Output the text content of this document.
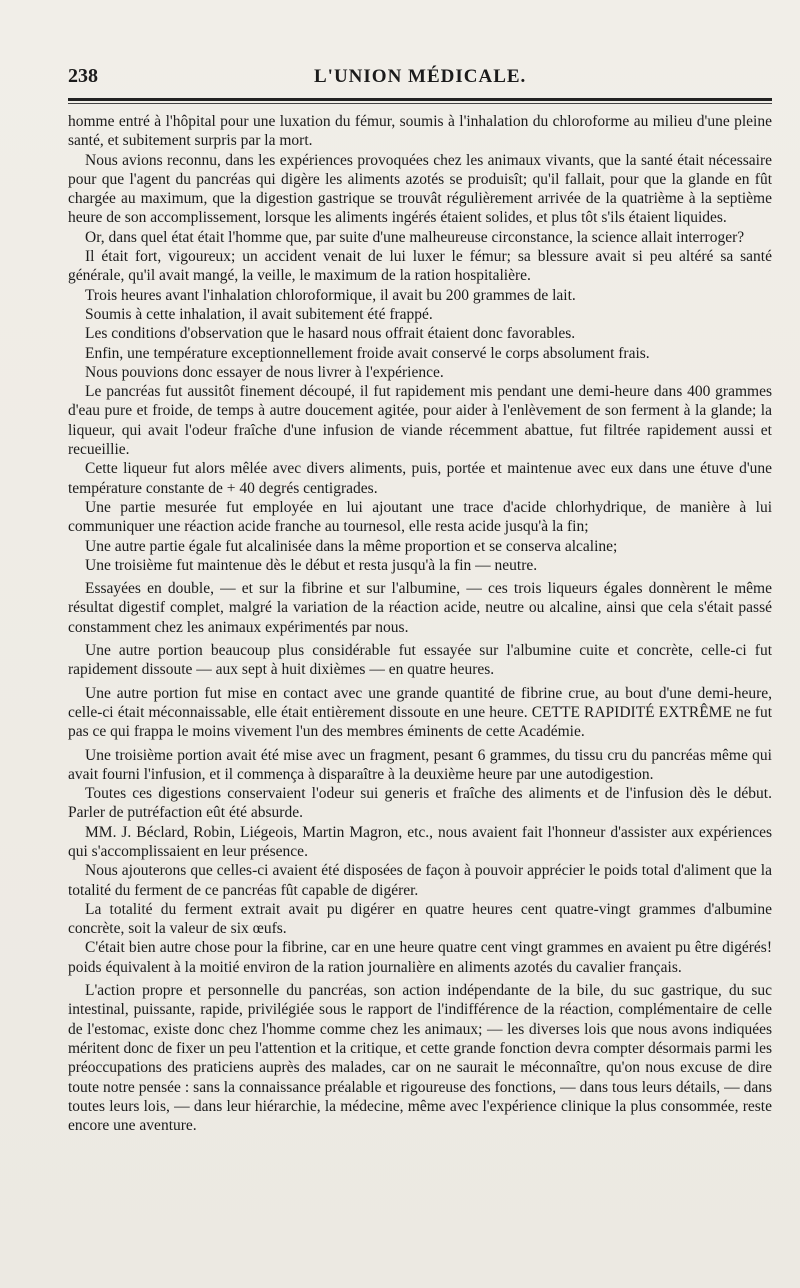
238	L'UNION MÉDICALE.

homme entré à l'hôpital pour une luxation du fémur, soumis à l'inhalation du chloroforme au milieu d'une pleine santé, et subitement surpris par la mort.

Nous avions reconnu, dans les expériences provoquées chez les animaux vivants, que la santé était nécessaire pour que l'agent du pancréas qui digère les aliments azotés se produisît; qu'il fallait, pour que la glande en fût chargée au maximum, que la digestion gastrique se trouvât régulièrement arrivée de la quatrième à la septième heure de son accomplissement, lorsque les aliments ingérés étaient solides, et plus tôt s'ils étaient liquides.

Or, dans quel état était l'homme que, par suite d'une malheureuse circonstance, la science allait interroger?

Il était fort, vigoureux; un accident venait de lui luxer le fémur; sa blessure avait si peu altéré sa santé générale, qu'il avait mangé, la veille, le maximum de la ration hospitalière.

Trois heures avant l'inhalation chloroformique, il avait bu 200 grammes de lait.

Soumis à cette inhalation, il avait subitement été frappé.

Les conditions d'observation que le hasard nous offrait étaient donc favorables.

Enfin, une température exceptionnellement froide avait conservé le corps absolument frais.

Nous pouvions donc essayer de nous livrer à l'expérience.

Le pancréas fut aussitôt finement découpé, il fut rapidement mis pendant une demi-heure dans 400 grammes d'eau pure et froide, de temps à autre doucement agitée, pour aider à l'enlèvement de son ferment à la glande; la liqueur, qui avait l'odeur fraîche d'une infusion de viande récemment abattue, fut filtrée rapidement aussi et recueillie.

Cette liqueur fut alors mêlée avec divers aliments, puis, portée et maintenue avec eux dans une étuve d'une température constante de + 40 degrés centigrades.

Une partie mesurée fut employée en lui ajoutant une trace d'acide chlorhydrique, de manière à lui communiquer une réaction acide franche au tournesol, elle resta acide jusqu'à la fin;

Une autre partie égale fut alcalinisée dans la même proportion et se conserva alcaline;

Une troisième fut maintenue dès le début et resta jusqu'à la fin — neutre.

Essayées en double, — et sur la fibrine et sur l'albumine, — ces trois liqueurs égales donnèrent le même résultat digestif complet, malgré la variation de la réaction acide, neutre ou alcaline, ainsi que cela s'était passé constamment chez les animaux expérimentés par nous.

Une autre portion beaucoup plus considérable fut essayée sur l'albumine cuite et concrète, celle-ci fut rapidement dissoute — aux sept à huit dixièmes — en quatre heures.

Une autre portion fut mise en contact avec une grande quantité de fibrine crue, au bout d'une demi-heure, celle-ci était méconnaissable, elle était entièrement dissoute en une heure. CETTE RAPIDITÉ EXTRÊME ne fut pas ce qui frappa le moins vivement l'un des membres éminents de cette Académie.

Une troisième portion avait été mise avec un fragment, pesant 6 grammes, du tissu cru du pancréas même qui avait fourni l'infusion, et il commença à disparaître à la deuxième heure par une autodigestion.

Toutes ces digestions conservaient l'odeur sui generis et fraîche des aliments et de l'infusion dès le début. Parler de putréfaction eût été absurde.

MM. J. Béclard, Robin, Liégeois, Martin Magron, etc., nous avaient fait l'honneur d'assister aux expériences qui s'accomplissaient en leur présence.

Nous ajouterons que celles-ci avaient été disposées de façon à pouvoir apprécier le poids total d'aliment que la totalité du ferment de ce pancréas fût capable de digérer.

La totalité du ferment extrait avait pu digérer en quatre heures cent quatre-vingt grammes d'albumine concrète, soit la valeur de six œufs.

C'était bien autre chose pour la fibrine, car en une heure quatre cent vingt grammes en avaient pu être digérés! poids équivalent à la moitié environ de la ration journalière en aliments azotés du cavalier français.

L'action propre et personnelle du pancréas, son action indépendante de la bile, du suc gastrique, du suc intestinal, puissante, rapide, privilégiée sous le rapport de l'indifférence de la réaction, complémentaire de celle de l'estomac, existe donc chez l'homme comme chez les animaux; — les diverses lois que nous avons indiquées méritent donc de fixer un peu l'attention et la critique, et cette grande fonction devra compter désormais parmi les préoccupations des praticiens auprès des malades, car on ne saurait le méconnaître, qu'on nous excuse de dire toute notre pensée : sans la connaissance préalable et rigoureuse des fonctions, — dans tous leurs détails, — dans toutes leurs lois, — dans leur hiérarchie, la médecine, même avec l'expérience clinique la plus consommée, reste encore une aventure.
